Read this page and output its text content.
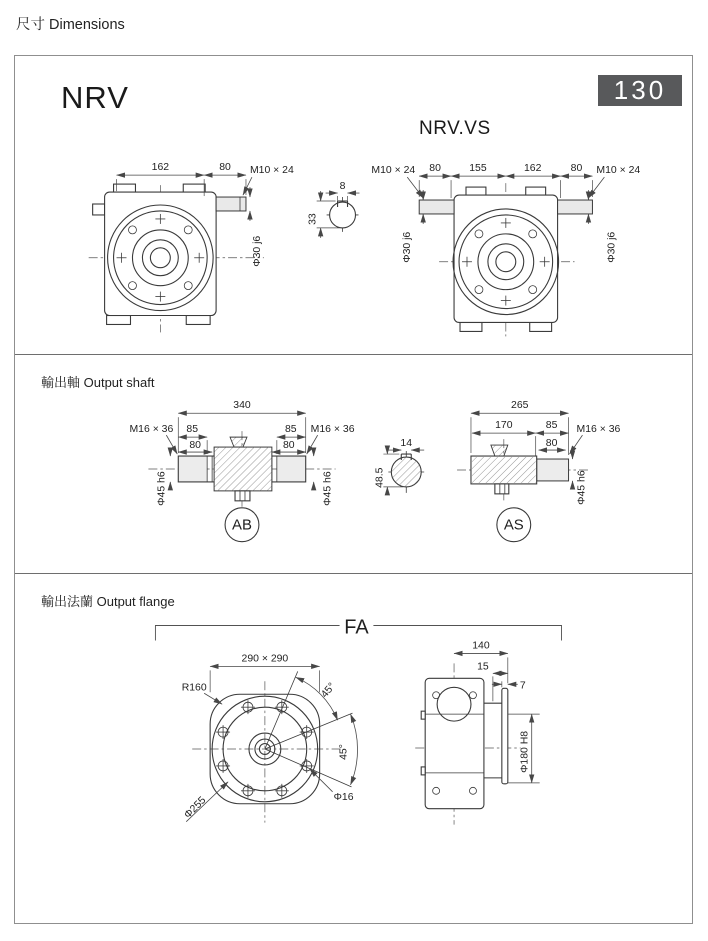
尺寸 Dimensions
NRV	130
NRV.VS
162	80 M10 × 24
Φ30 j6
8
33
80	155	162	80
M10 × 24	M10 × 24
Φ30 j6	Φ30 j6
輸出軸 Output shaft
340
M16 × 36	M16 × 36
85	85
80	80
Φ45 h6	Φ45 h6
AB
14
48.5
265
170	85 M16 × 36
80
Φ45 h6
AS
輸出法蘭 Output flange
FA
290 × 290
R160	45°
45°
Φ255	Φ16
140
15
7
Φ180 H8
